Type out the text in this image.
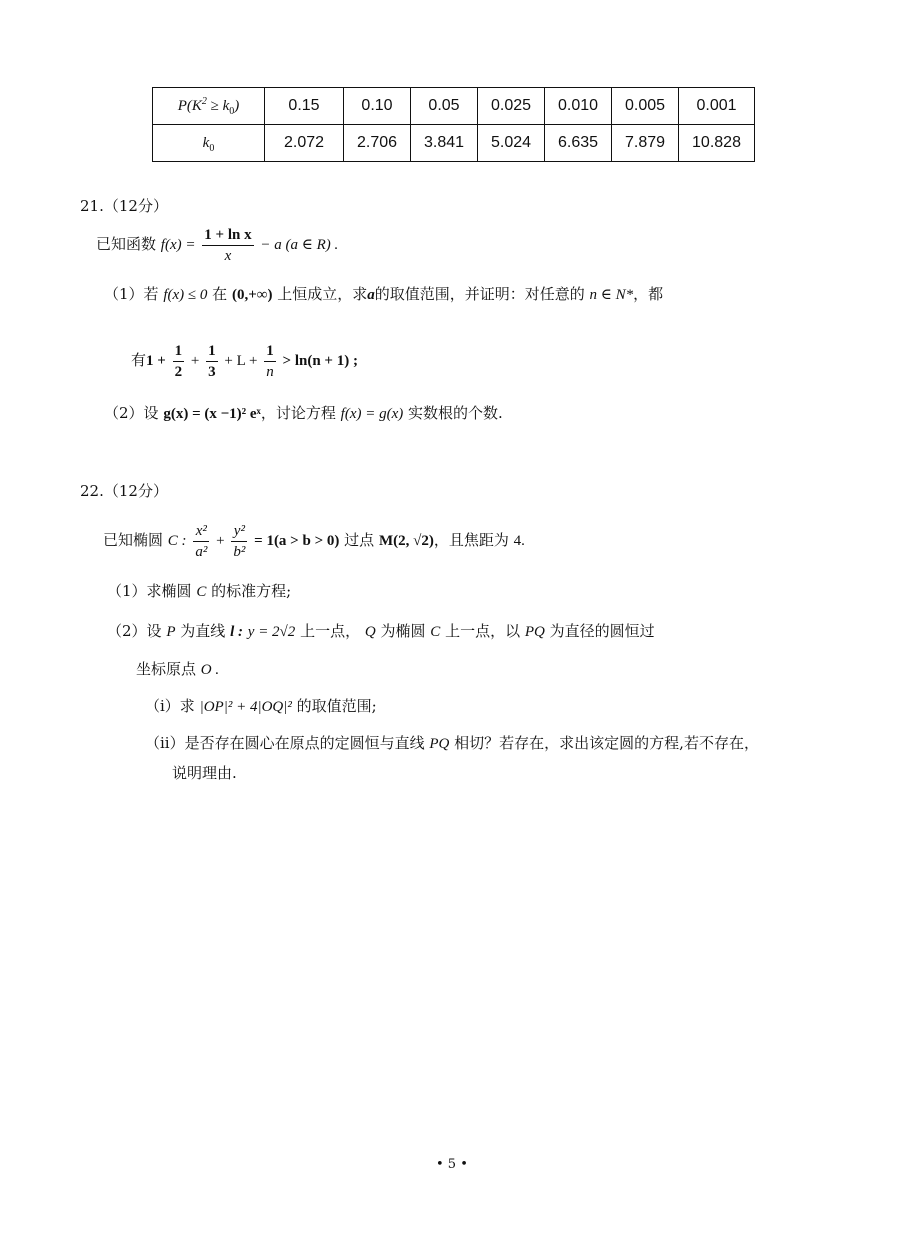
$P(K^2 \ge k_0)$	0.15	0.10	0.05	0.025	0.010	0.005	0.001
$k_0$	2.072	2.706	3.841	5.024	6.635	7.879	10.828
21.（12分）
已知函数 $f(x) = \frac{\text{1 + ln x}}{x} - a$ (a ∈ R) .
（1）若 f(x) ≤ 0 在 (0,+∞) 上恒成立，求a的取值范围，并证明：对任意的 n ∈ N*，都
有$1 + \frac{1}{2} + \frac{1}{3} + L + \frac{1}{n} > \ln(n + 1)$ ;
（2）设 g(x) = (x −1)² eˣ，讨论方程 f(x) = g(x) 实数根的个数.
22.（12分）
已知椭圆 C : $\frac{\text{x²}}{\text{a²}} + \frac{\text{y²}}{\text{b²}} = 1(a > b > 0)$ 过点 M(2, √2)，且焦距为 4.
（1）求椭圆 C 的标准方程;
（2）设 P 为直线 l : y = 2√2 上一点， Q 为椭圆 C 上一点，以 PQ 为直径的圆恒过
坐标原点 O .
（i）求 |OP|² + 4|OQ|² 的取值范围;
（ii）是否存在圆心在原点的定圆恒与直线 PQ 相切？若存在，求出该定圆的方程,若不存在，
说明理由.
• 5 •
